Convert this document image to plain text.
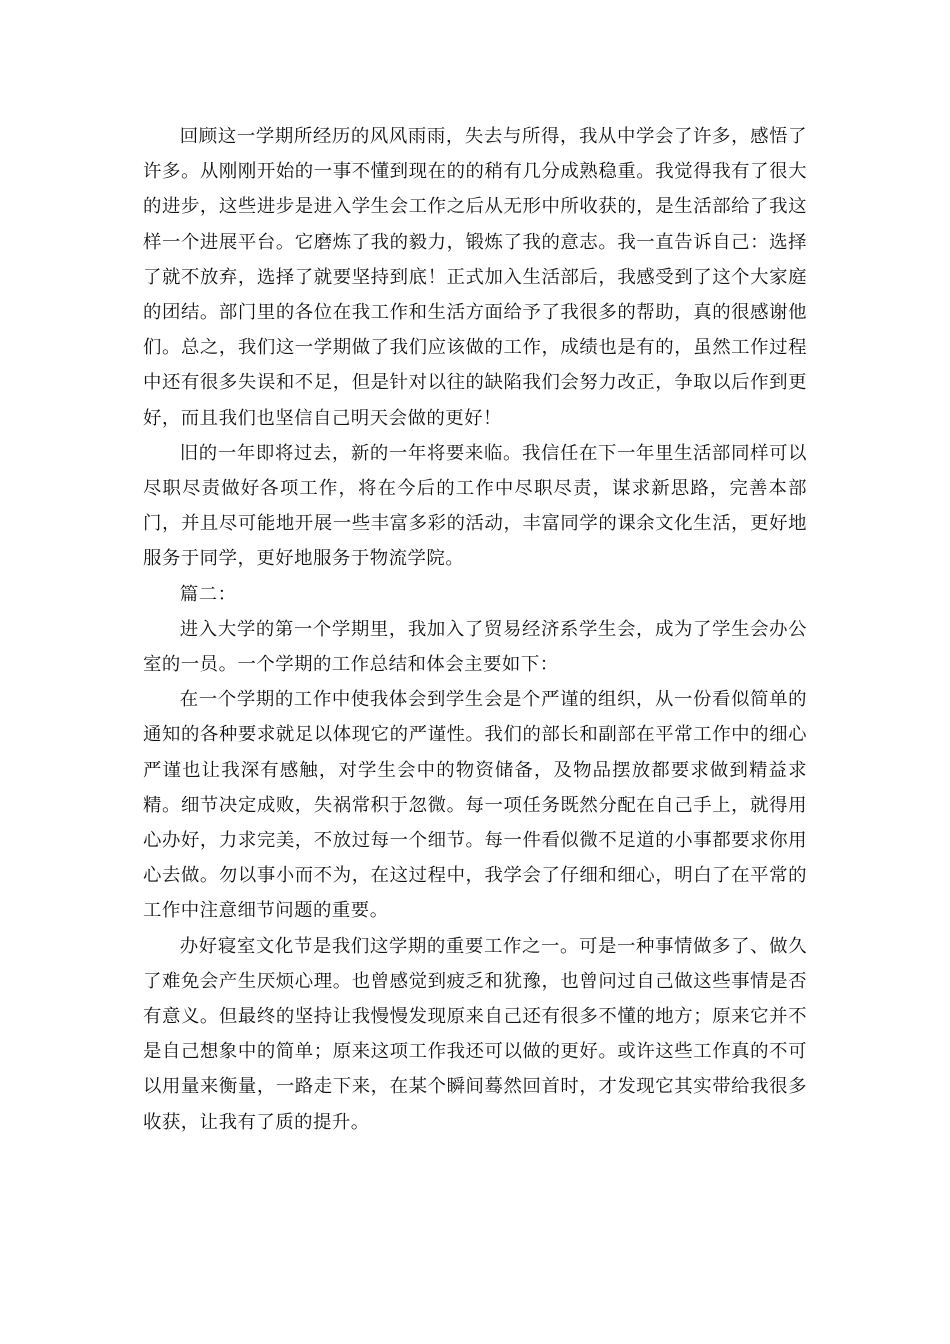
回顾这一学期所经历的风风雨雨，失去与所得，我从中学会了许多，感悟了许多。从刚刚开始的一事不懂到现在的的稍有几分成熟稳重。我觉得我有了很大的进步，这些进步是进入学生会工作之后从无形中所收获的，是生活部给了我这样一个进展平台。它磨炼了我的毅力，锻炼了我的意志。我一直告诉自己：选择了就不放弃，选择了就要坚持到底！正式加入生活部后，我感受到了这个大家庭的团结。部门里的各位在我工作和生活方面给予了我很多的帮助，真的很感谢他们。总之，我们这一学期做了我们应该做的工作，成绩也是有的，虽然工作过程中还有很多失误和不足，但是针对以往的缺陷我们会努力改正，争取以后作到更好，而且我们也坚信自己明天会做的更好！

旧的一年即将过去，新的一年将要来临。我信任在下一年里生活部同样可以尽职尽责做好各项工作，将在今后的工作中尽职尽责，谋求新思路，完善本部门，并且尽可能地开展一些丰富多彩的活动，丰富同学的课余文化生活，更好地服务于同学，更好地服务于物流学院。

篇二：

进入大学的第一个学期里，我加入了贸易经济系学生会，成为了学生会办公室的一员。一个学期的工作总结和体会主要如下：

在一个学期的工作中使我体会到学生会是个严谨的组织，从一份看似简单的通知的各种要求就足以体现它的严谨性。我们的部长和副部在平常工作中的细心严谨也让我深有感触，对学生会中的物资储备，及物品摆放都要求做到精益求精。细节决定成败，失祸常积于忽微。每一项任务既然分配在自己手上，就得用心办好，力求完美，不放过每一个细节。每一件看似微不足道的小事都要求你用心去做。勿以事小而不为，在这过程中，我学会了仔细和细心，明白了在平常的工作中注意细节问题的重要。

办好寝室文化节是我们这学期的重要工作之一。可是一种事情做多了、做久了难免会产生厌烦心理。也曾感觉到疲乏和犹豫，也曾问过自己做这些事情是否有意义。但最终的坚持让我慢慢发现原来自己还有很多不懂的地方；原来它并不是自己想象中的简单；原来这项工作我还可以做的更好。或许这些工作真的不可以用量来衡量，一路走下来，在某个瞬间蓦然回首时，才发现它其实带给我很多收获，让我有了质的提升。
